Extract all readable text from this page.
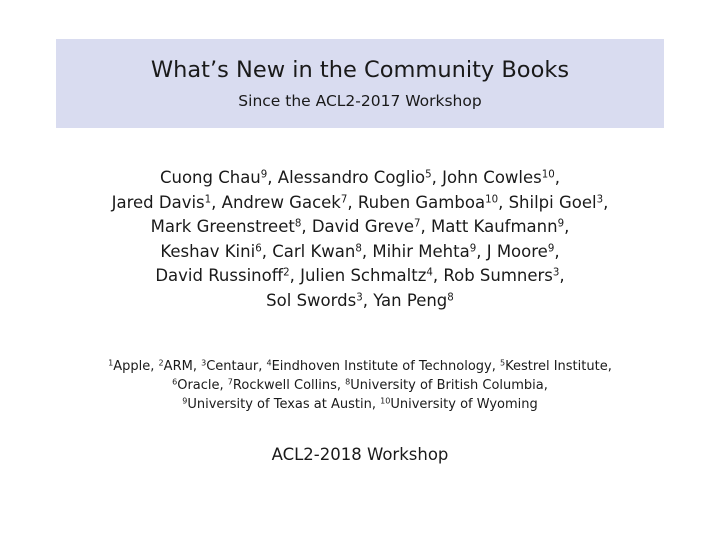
What’s New in the Community Books
Since the ACL2-2017 Workshop
Cuong Chau$^9$, Alessandro Coglio$^5$, John Cowles$^{10}$,
Jared Davis$^1$, Andrew Gacek$^7$, Ruben Gamboa$^{10}$, Shilpi Goel$^3$,
Mark Greenstreet$^8$, David Greve$^7$, Matt Kaufmann$^9$,
Keshav Kini$^6$, Carl Kwan$^8$, Mihir Mehta$^9$, J Moore$^9$,
David Russinoff$^2$, Julien Schmaltz$^4$, Rob Sumners$^3$,
Sol Swords$^3$, Yan Peng$^8$
$^1$Apple, $^2$ARM, $^3$Centaur, $^4$Eindhoven Institute of Technology, $^5$Kestrel Institute,
$^6$Oracle, $^7$Rockwell Collins, $^8$University of British Columbia,
$^9$University of Texas at Austin, $^{10}$University of Wyoming
ACL2-2018 Workshop
